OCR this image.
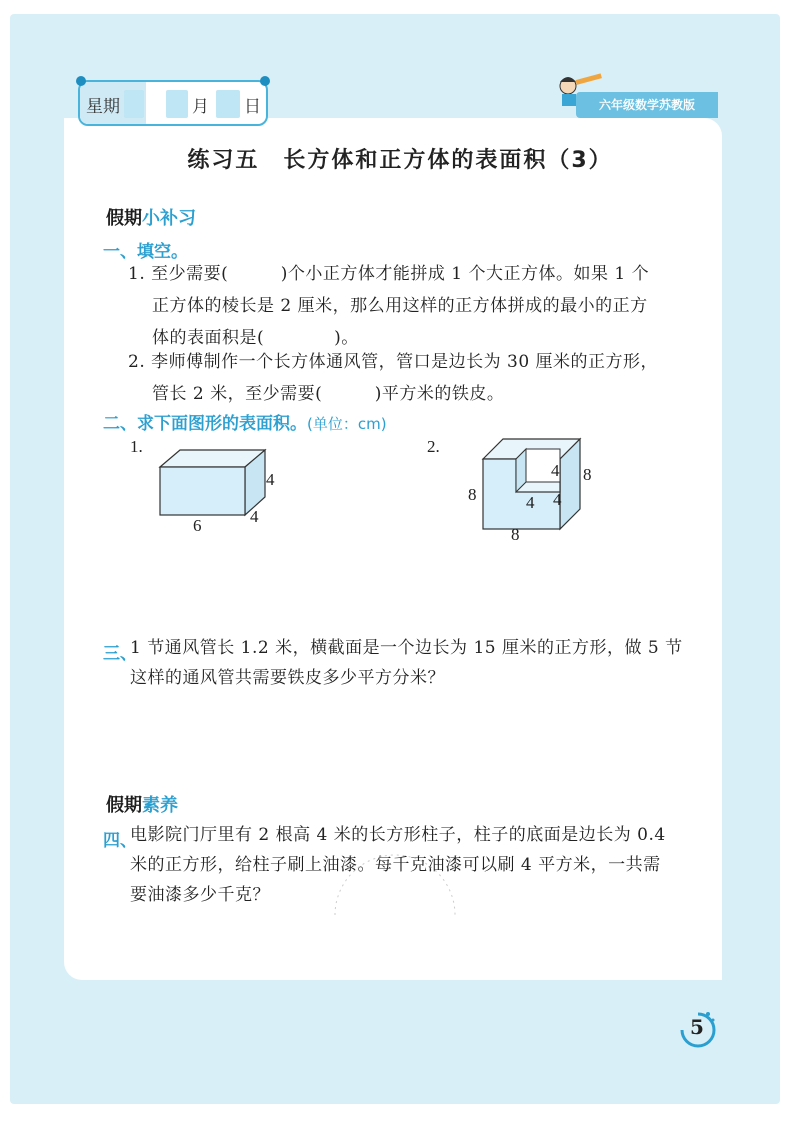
星期	月 日	六年级数学苏教版
练习五　长方体和正方体的表面积（3）
假期小补习
一、填空。
1. 至少需要(　　　)个小正方体才能拼成 1 个大正方体。如果 1 个
正方体的棱长是 2 厘米，那么用这样的正方体拼成的最小的正方
体的表面积是(　　　　)。
2. 李师傅制作一个长方体通风管，管口是边长为 30 厘米的正方形，
管长 2 米，至少需要(　　　)平方米的铁皮。
二、求下面图形的表面积。(单位：cm)
1.
4
4
6
2.
4
4 4
8
8
8
三、
1 节通风管长 1.2 米，横截面是一个边长为 15 厘米的正方形，做 5 节
这样的通风管共需要铁皮多少平方分米？
假期素养
四、
电影院门厅里有 2 根高 4 米的长方形柱子，柱子的底面是边长为 0.4
米的正方形，给柱子刷上油漆。每千克油漆可以刷 4 平方米，一共需
要油漆多少千克？
5
